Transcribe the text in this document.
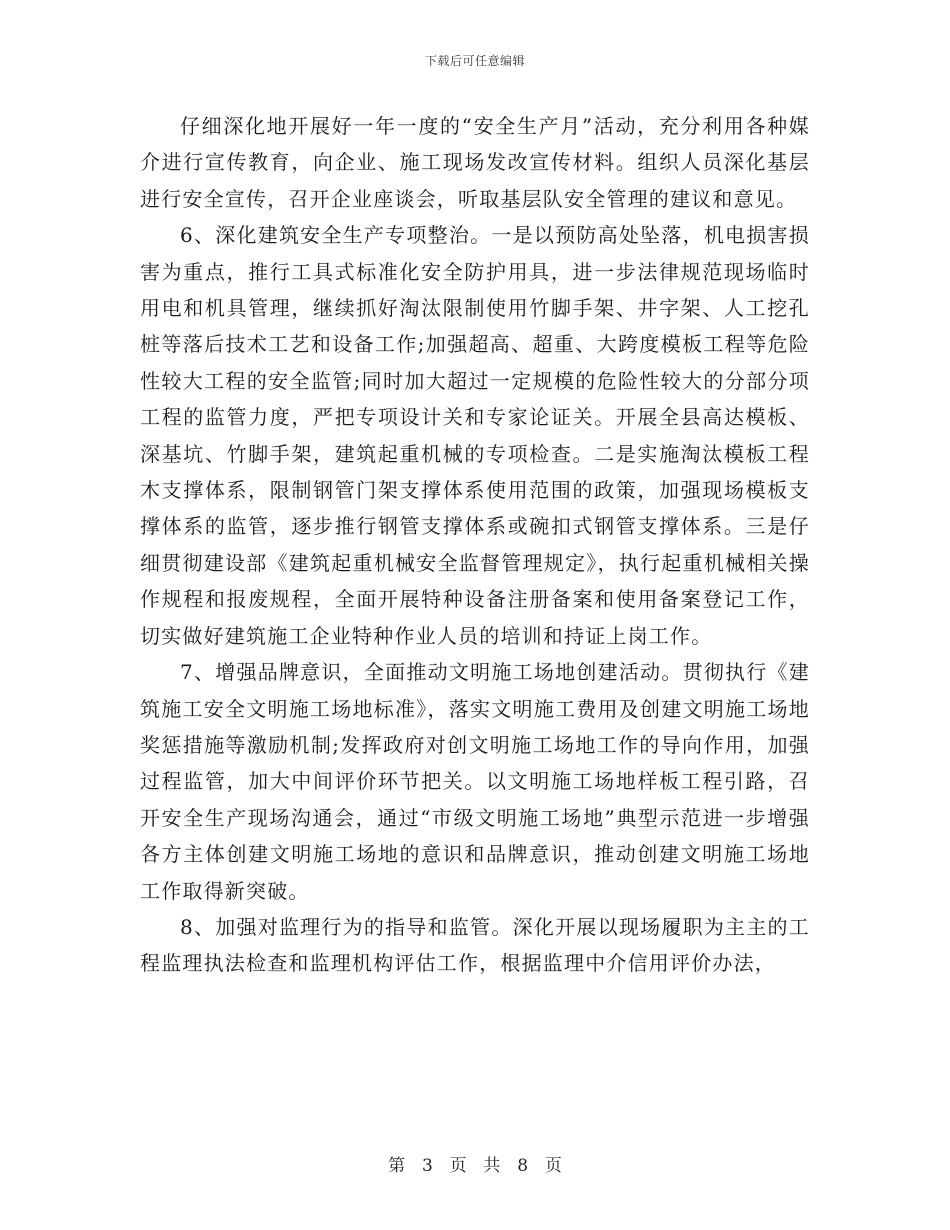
下载后可任意编辑

仔细深化地开展好一年一度的“安全生产月”活动，充分利用各种媒介进行宣传教育，向企业、施工现场发改宣传材料。组织人员深化基层进行安全宣传，召开企业座谈会，听取基层队安全管理的建议和意见。

6、深化建筑安全生产专项整治。一是以预防高处坠落，机电损害损害为重点，推行工具式标准化安全防护用具，进一步法律规范现场临时用电和机具管理，继续抓好淘汰限制使用竹脚手架、井字架、人工挖孔桩等落后技术工艺和设备工作;加强超高、超重、大跨度模板工程等危险性较大工程的安全监管;同时加大超过一定规模的危险性较大的分部分项工程的监管力度，严把专项设计关和专家论证关。开展全县高达模板、深基坑、竹脚手架，建筑起重机械的专项检查。二是实施淘汰模板工程木支撑体系，限制钢管门架支撑体系使用范围的政策，加强现场模板支撑体系的监管，逐步推行钢管支撑体系或碗扣式钢管支撑体系。三是仔细贯彻建设部《建筑起重机械安全监督管理规定》，执行起重机械相关操作规程和报废规程，全面开展特种设备注册备案和使用备案登记工作，切实做好建筑施工企业特种作业人员的培训和持证上岗工作。

7、增强品牌意识，全面推动文明施工场地创建活动。贯彻执行《建筑施工安全文明施工场地标准》，落实文明施工费用及创建文明施工场地奖惩措施等激励机制;发挥政府对创文明施工场地工作的导向作用，加强过程监管，加大中间评价环节把关。以文明施工场地样板工程引路，召开安全生产现场沟通会，通过“市级文明施工场地”典型示范进一步增强各方主体创建文明施工场地的意识和品牌意识，推动创建文明施工场地工作取得新突破。

8、加强对监理行为的指导和监管。深化开展以现场履职为主主的工程监理执法检查和监理机构评估工作，根据监理中介信用评价办法，

第 3 页 共 8 页
